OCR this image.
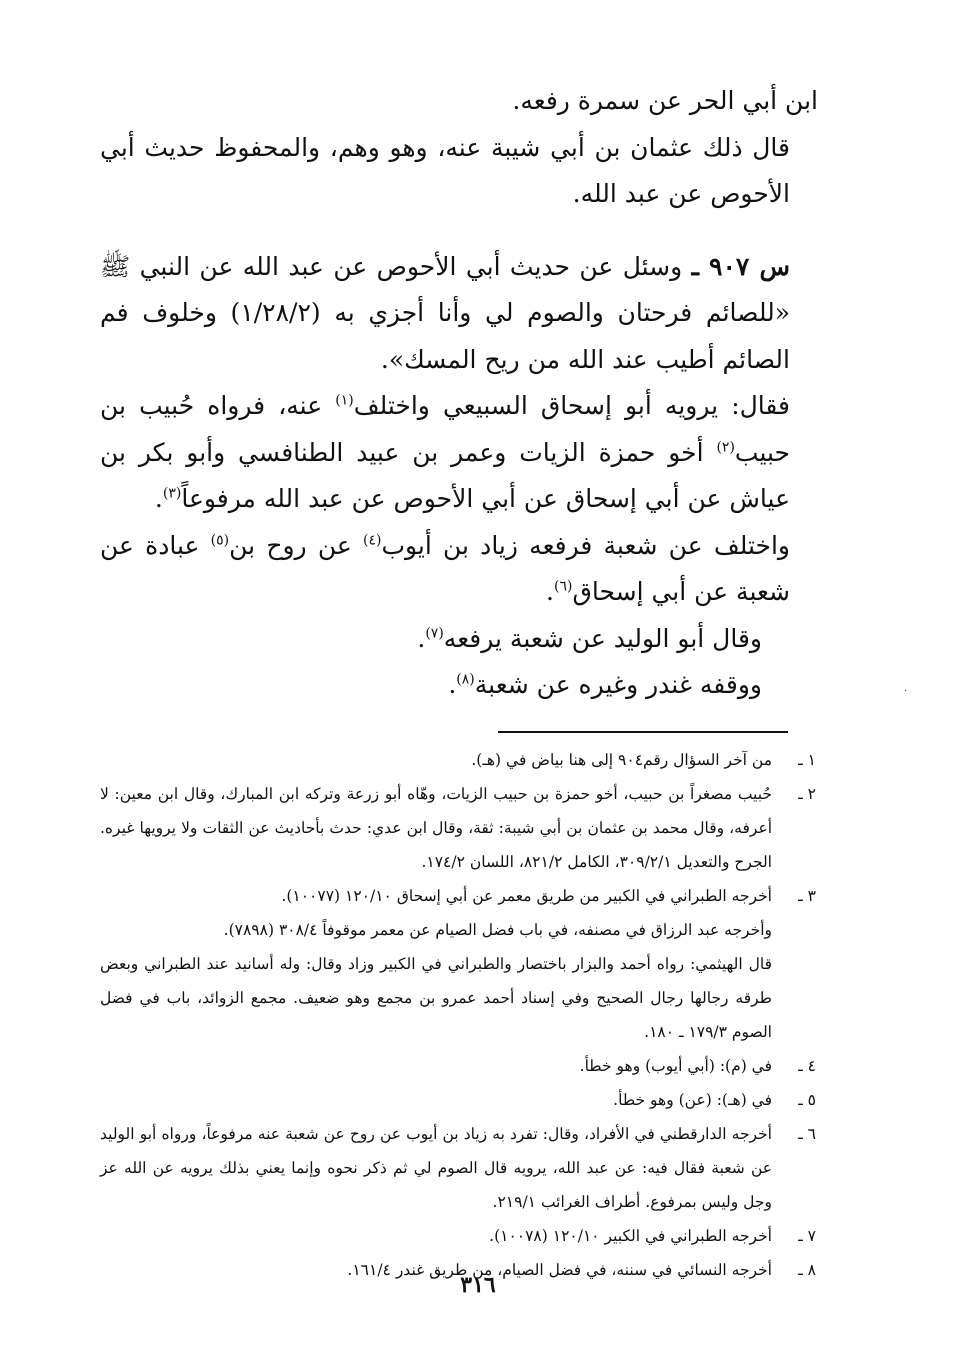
ابن أبي الحر عن سمرة رفعه.

قال ذلك عثمان بن أبي شيبة عنه، وهو وهم، والمحفوظ حديث أبي الأحوص عن عبد الله.

س ٩٠٧ ـ وسئل عن حديث أبي الأحوص عن عبد الله عن النبي ﷺ «للصائم فرحتان والصوم لي وأنا أجزي به (١/٢٨/٢) وخلوف فم الصائم أطيب عند الله من ريح المسك».

فقال: يرويه أبو إسحاق السبيعي واختلف$^{(١)}$ عنه، فرواه حُبيب بن حبيب$^{(٢)}$ أخو حمزة الزيات وعمر بن عبيد الطنافسي وأبو بكر بن عياش عن أبي إسحاق عن أبي الأحوص عن عبد الله مرفوعاً$^{(٣)}$.

واختلف عن شعبة فرفعه زياد بن أيوب$^{(٤)}$ عن روح بن$^{(٥)}$ عبادة عن شعبة عن أبي إسحاق$^{(٦)}$.

وقال أبو الوليد عن شعبة يرفعه$^{(٧)}$.

ووقفه غندر وغيره عن شعبة$^{(٨)}$.

١ ـ

من آخر السؤال رقم٩٠٤ إلى هنا بياض في (هـ).

٢ ـ

حُبيب مصغراً بن حبيب، أخو حمزة بن حبيب الزيات، وهّاه أبو زرعة وتركه ابن المبارك، وقال ابن معين: لا أعرفه، وقال محمد بن عثمان بن أبي شيبة: ثقة، وقال ابن عدي: حدث بأحاديث عن الثقات ولا يرويها غيره. الجرح والتعديل ٣٠٩/٢/١، الكامل ٨٢١/٢، اللسان ١٧٤/٢.

٣ ـ

أخرجه الطبراني في الكبير من طريق معمر عن أبي إسحاق ١٢٠/١٠ (١٠٠٧٧).

وأخرجه عبد الرزاق في مصنفه، في باب فضل الصيام عن معمر موقوفاً ٣٠٨/٤ (٧٨٩٨).

قال الهيثمي: رواه أحمد والبزار باختصار والطبراني في الكبير وزاد وقال: وله أسانيد عند الطبراني وبعض طرقه رجالها رجال الصحيح وفي إسناد أحمد عمرو بن مجمع وهو ضعيف. مجمع الزوائد، باب في فضل الصوم ١٧٩/٣ ـ ١٨٠.

٤ ـ

في (م): (أبي أيوب) وهو خطأ.

٥ ـ

في (هـ): (عن) وهو خطأ.

٦ ـ

أخرجه الدارقطني في الأفراد، وقال: تفرد به زياد بن أيوب عن روح عن شعبة عنه مرفوعاً، ورواه أبو الوليد عن شعبة فقال فيه: عن عبد الله، يرويه قال الصوم لي ثم ذكر نحوه وإنما يعني بذلك يرويه عن الله عز وجل وليس بمرفوع. أطراف الغرائب ٢١٩/١.

٧ ـ

أخرجه الطبراني في الكبير ١٢٠/١٠ (١٠٠٧٨).

٨ ـ

أخرجه النسائي في سننه، في فضل الصيام، من طريق غندر ١٦١/٤.

٣١٦
·
